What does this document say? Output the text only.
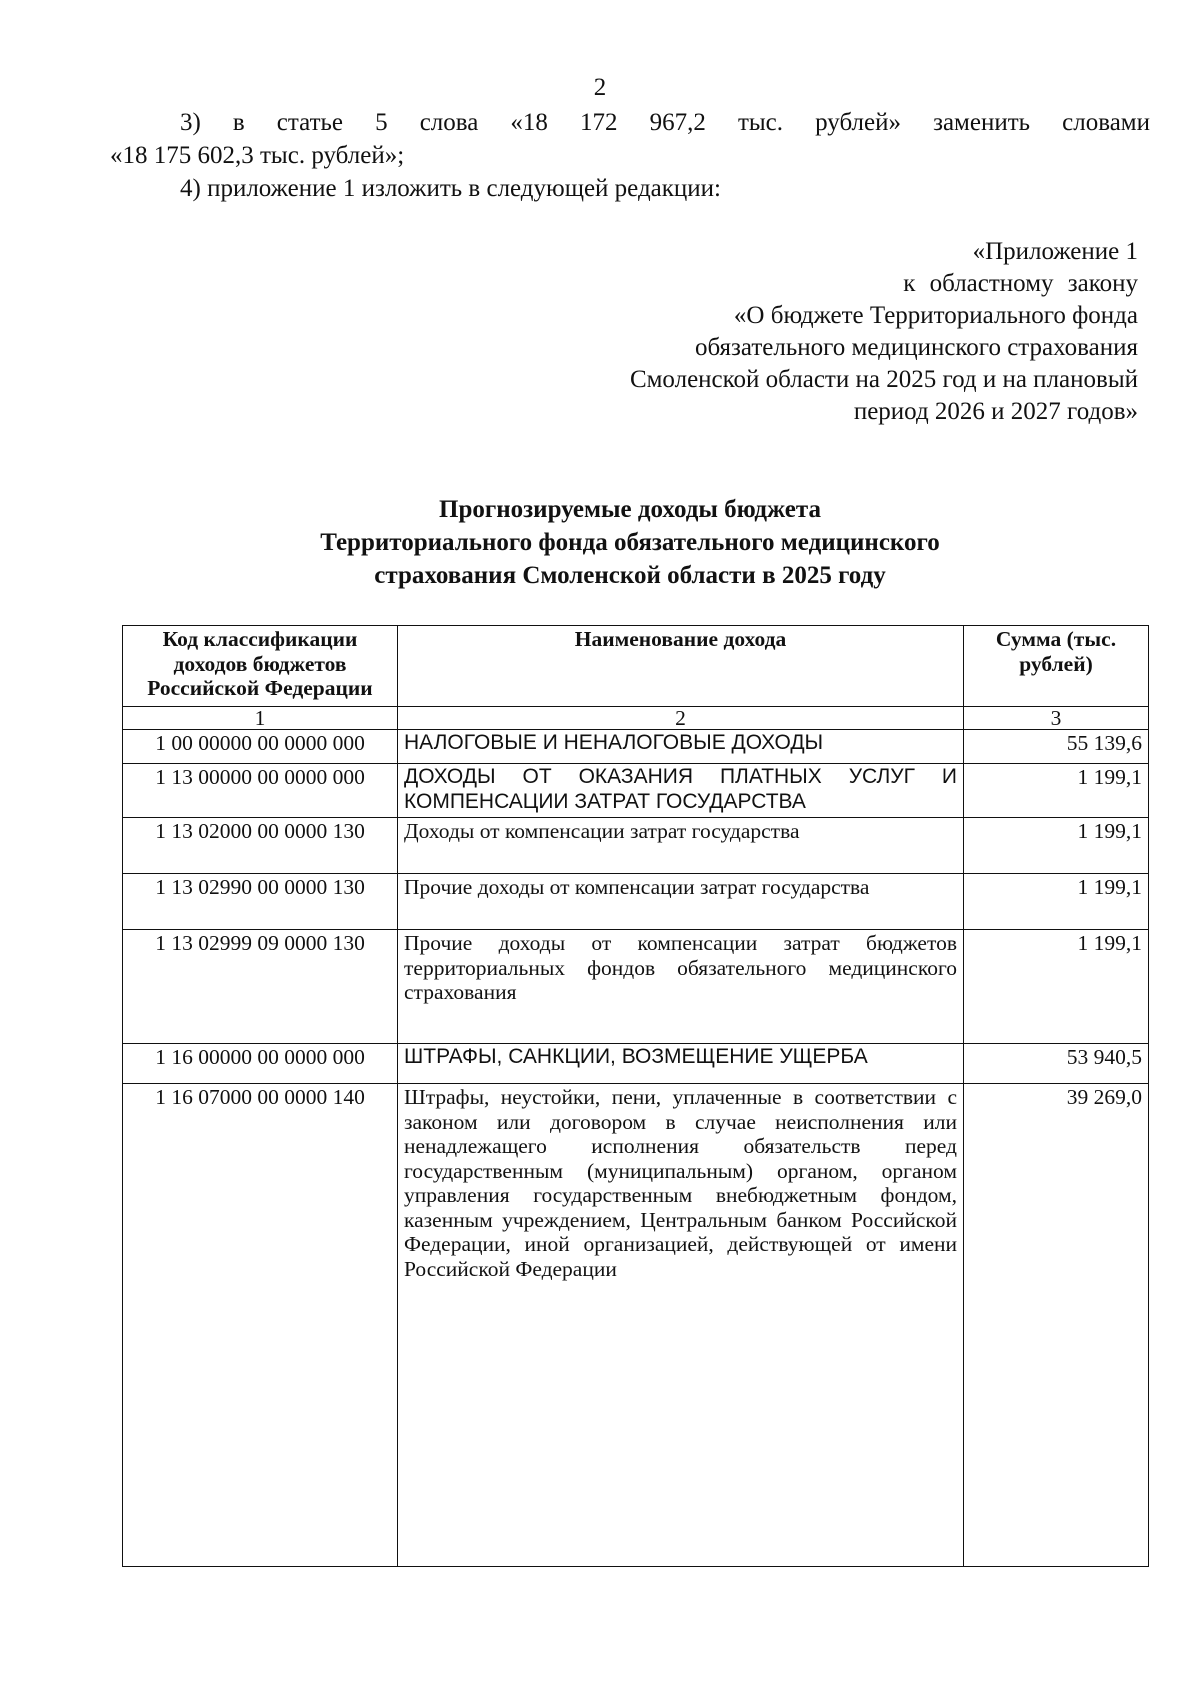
2
3) в статье 5 слова «18 172 967,2 тыс. рублей» заменить словами
«18 175 602,3 тыс. рублей»;
4) приложение 1 изложить в следующей редакции:
«Приложение 1
к областному закону
«О бюджете Территориального фонда
обязательного медицинского страхования
Смоленской области на 2025 год и на плановый
период 2026 и 2027 годов»
Прогнозируемые доходы бюджета
Территориального фонда обязательного медицинского
страхования Смоленской области в 2025 году
Код классификации доходов бюджетов Российской Федерации	Наименование дохода	Сумма (тыс. рублей)
1	2	3
1 00 00000 00 0000 000	НАЛОГОВЫЕ И НЕНАЛОГОВЫЕ ДОХОДЫ	55 139,6
1 13 00000 00 0000 000	ДОХОДЫ ОТ ОКАЗАНИЯ ПЛАТНЫХ УСЛУГ И КОМПЕНСАЦИИ ЗАТРАТ ГОСУДАРСТВА	1 199,1
1 13 02000 00 0000 130	Доходы от компенсации затрат государства	1 199,1
1 13 02990 00 0000 130	Прочие доходы от компенсации затрат государства	1 199,1
1 13 02999 09 0000 130	Прочие доходы от компенсации затрат бюджетов территориальных фондов обязательного медицинского страхования	1 199,1
1 16 00000 00 0000 000	ШТРАФЫ, САНКЦИИ, ВОЗМЕЩЕНИЕ УЩЕРБА	53 940,5
1 16 07000 00 0000 140	Штрафы, неустойки, пени, уплаченные в соответствии с законом или договором в случае неисполнения или ненадлежащего исполнения обязательств перед государственным (муниципальным) органом, органом управления государственным внебюджетным фондом, казенным учреждением, Центральным банком Российской Федерации, иной организацией, действующей от имени Российской Федерации	39 269,0
